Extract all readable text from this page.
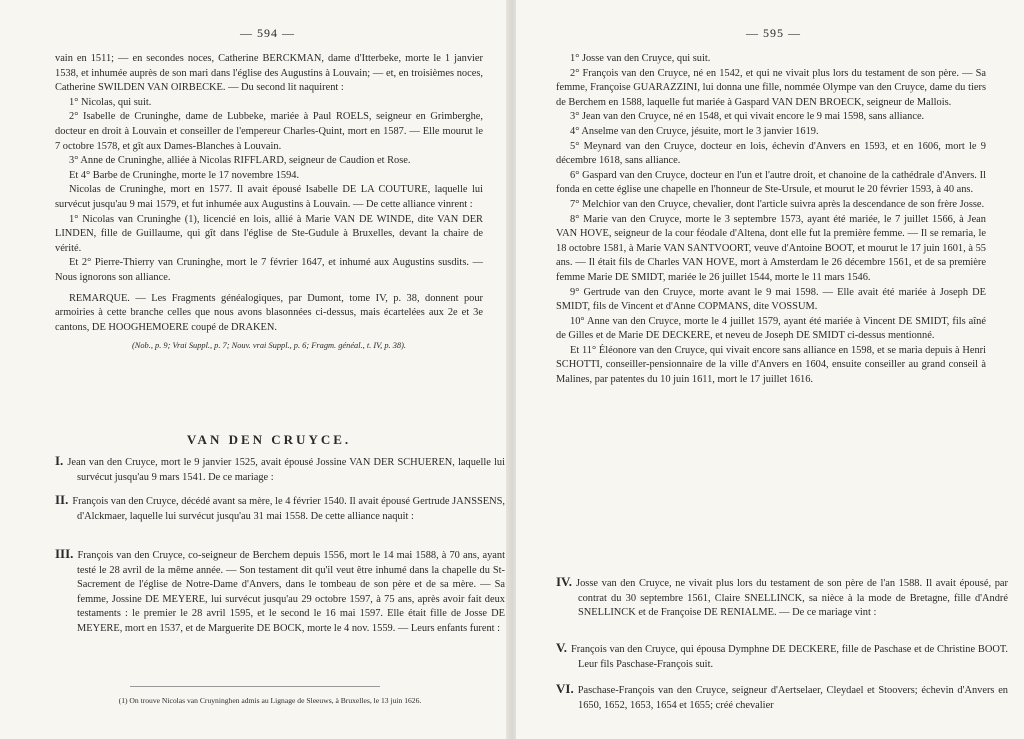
— 594 —

vain en 1511; — en secondes noces, Catherine BERCKMAN, dame d'Itterbeke, morte le 1 janvier 1538, et inhumée auprès de son mari dans l'église des Augustins à Louvain; — et, en troisièmes noces, Catherine SWILDEN VAN OIRBECKE. — Du second lit naquirent :

1° Nicolas, qui suit.

2° Isabelle de Cruninghe, dame de Lubbeke, mariée à Paul ROELS, seigneur en Grimberghe, docteur en droit à Louvain et conseiller de l'empereur Charles-Quint, mort en 1587. — Elle mourut le 7 octobre 1578, et gît aux Dames-Blanches à Louvain.

3° Anne de Cruninghe, alliée à Nicolas RIFFLARD, seigneur de Caudion et Rose.

Et 4° Barbe de Cruninghe, morte le 17 novembre 1594.

Nicolas de Cruninghe, mort en 1577. Il avait épousé Isabelle DE LA COUTURE, laquelle lui survécut jusqu'au 9 mai 1579, et fut inhumée aux Augustins à Louvain. — De cette alliance vinrent :

1° Nicolas van Cruninghe (1), licencié en lois, allié à Marie VAN DE WINDE, dite VAN DER LINDEN, fille de Guillaume, qui gît dans l'église de Ste-Gudule à Bruxelles, devant la chaire de vérité.

Et 2° Pierre-Thierry van Cruninghe, mort le 7 février 1647, et inhumé aux Augustins susdits. — Nous ignorons son alliance.

REMARQUE. — Les Fragments généalogiques, par Dumont, tome IV, p. 38, donnent pour armoiries à cette branche celles que nous avons blasonnées ci-dessus, mais écartelées aux 2e et 3e cantons, DE HOOGHEMOERE coupé de DRAKEN.

(Nob., p. 9; Vrai Suppl., p. 7; Nouv. vrai Suppl., p. 6; Fragm. généal., t. IV, p. 38).

VAN DEN CRUYCE.
I. Jean van den Cruyce, mort le 9 janvier 1525, avait épousé Jossine VAN DER SCHUEREN, laquelle lui survécut jusqu'au 9 mars 1541. De ce mariage :
II. François van den Cruyce, décédé avant sa mère, le 4 février 1540. Il avait épousé Gertrude JANSSENS, d'Alckmaer, laquelle lui survécut jusqu'au 31 mai 1558. De cette alliance naquit :
III. François van den Cruyce, co-seigneur de Berchem depuis 1556, mort le 14 mai 1588, à 70 ans, ayant testé le 28 avril de la même année. — Son testament dit qu'il veut être inhumé dans la chapelle du St-Sacrement de l'église de Notre-Dame d'Anvers, dans le tombeau de son père et de sa mère. — Sa femme, Jossine DE MEYERE, lui survécut jusqu'au 29 octobre 1597, à 75 ans, après avoir fait deux testaments : le premier le 28 avril 1595, et le second le 16 mai 1597. Elle était fille de Josse DE MEYERE, mort en 1537, et de Marguerite DE BOCK, morte le 4 nov. 1559. — Leurs enfants furent :
(1) On trouve Nicolas van Cruyninghen admis au Lignage de Sleeuws, à Bruxelles, le 13 juin 1626.
— 595 —

1° Josse van den Cruyce, qui suit.

2° François van den Cruyce, né en 1542, et qui ne vivait plus lors du testament de son père. — Sa femme, Françoise GUARAZZINI, lui donna une fille, nommée Olympe van den Cruyce, dame du tiers de Berchem en 1588, laquelle fut mariée à Gaspard VAN DEN BROECK, seigneur de Mallois.

3° Jean van den Cruyce, né en 1548, et qui vivait encore le 9 mai 1598, sans alliance.

4° Anselme van den Cruyce, jésuite, mort le 3 janvier 1619.

5° Meynard van den Cruyce, docteur en lois, échevin d'Anvers en 1593, et en 1606, mort le 9 décembre 1618, sans alliance.

6° Gaspard van den Cruyce, docteur en l'un et l'autre droit, et chanoine de la cathédrale d'Anvers. Il fonda en cette église une chapelle en l'honneur de Ste-Ursule, et mourut le 20 février 1593, à 40 ans.

7° Melchior van den Cruyce, chevalier, dont l'article suivra après la descendance de son frère Josse.

8° Marie van den Cruyce, morte le 3 septembre 1573, ayant été mariée, le 7 juillet 1566, à Jean VAN HOVE, seigneur de la cour féodale d'Altena, dont elle fut la première femme. — Il se remaria, le 18 octobre 1581, à Marie VAN SANTVOORT, veuve d'Antoine BOOT, et mourut le 17 juin 1601, à 55 ans. — Il était fils de Charles VAN HOVE, mort à Amsterdam le 26 décembre 1561, et de sa première femme Marie DE SMIDT, mariée le 26 juillet 1544, morte le 11 mars 1546.

9° Gertrude van den Cruyce, morte avant le 9 mai 1598. — Elle avait été mariée à Joseph DE SMIDT, fils de Vincent et d'Anne COPMANS, dite VOSSUM.

10° Anne van den Cruyce, morte le 4 juillet 1579, ayant été mariée à Vincent DE SMIDT, fils aîné de Gilles et de Marie DE DECKERE, et neveu de Joseph DE SMIDT ci-dessus mentionné.

Et 11° Éléonore van den Cruyce, qui vivait encore sans alliance en 1598, et se maria depuis à Henri SCHOTTI, conseiller-pensionnaire de la ville d'Anvers en 1604, ensuite conseiller au grand conseil à Malines, par patentes du 10 juin 1611, mort le 17 juillet 1616.

IV. Josse van den Cruyce, ne vivait plus lors du testament de son père de l'an 1588. Il avait épousé, par contrat du 30 septembre 1561, Claire SNELLINCK, sa nièce à la mode de Bretagne, fille d'André SNELLINCK et de Françoise DE RENIALME. — De ce mariage vint :
V. François van den Cruyce, qui épousa Dymphne DE DECKERE, fille de Paschase et de Christine BOOT. Leur fils Paschase-François suit.
VI. Paschase-François van den Cruyce, seigneur d'Aertselaer, Cleydael et Stoovers; échevin d'Anvers en 1650, 1652, 1653, 1654 et 1655; créé chevalier
